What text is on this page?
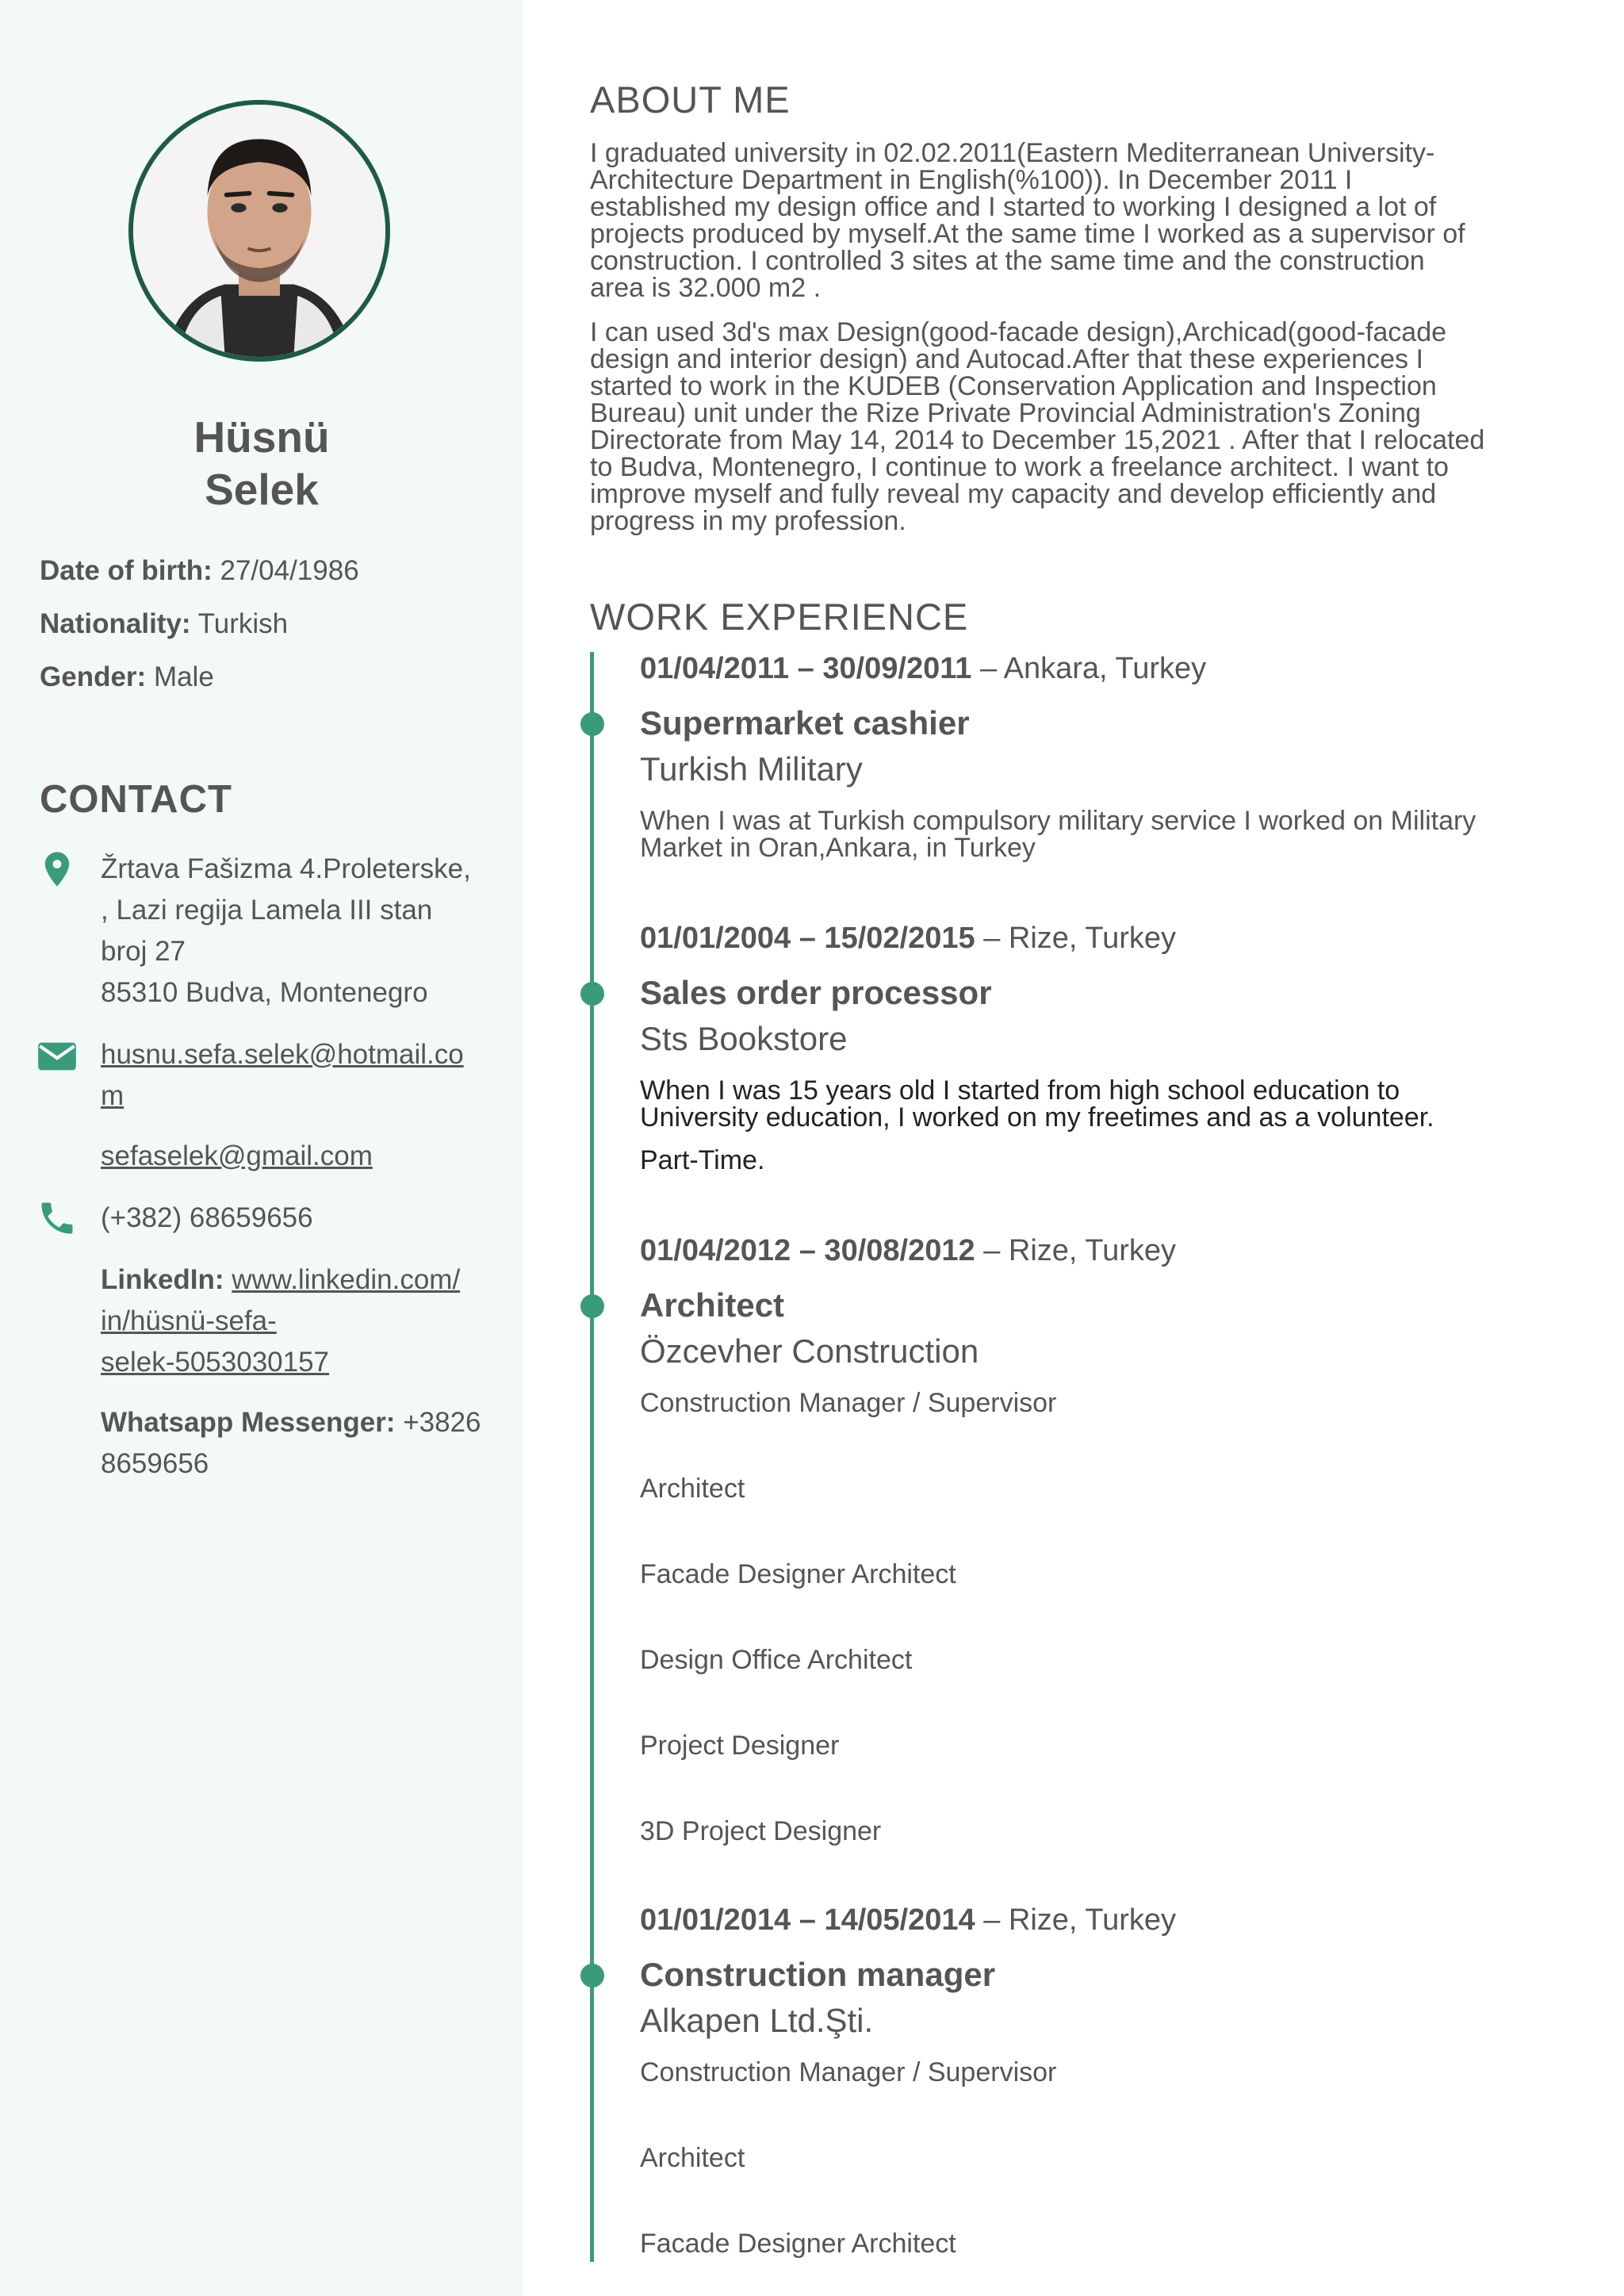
Hüsnü
Selek
Date of birth: 27/04/1986
Nationality: Turkish
Gender: Male
CONTACT
Žrtava Fašizma 4.Proleterske,
, Lazi regija Lamela III stan
broj 27
85310 Budva, Montenegro
husnu.sefa.selek@hotmail.co
m
sefaselek@gmail.com
(+382) 68659656
LinkedIn: www.linkedin.com/
in/hüsnü-sefa-
selek-5053030157
Whatsapp Messenger: +3826
8659656
ABOUT ME
I graduated university in 02.02.2011(Eastern Mediterranean University-
Architecture Department in English(%100)). In December 2011 I
established my design office and I started to working I designed a lot of
projects produced by myself.At the same time I worked as a supervisor of
construction. I controlled 3 sites at the same time and the construction
area is 32.000 m2 .
I can used 3d's max Design(good-facade design),Archicad(good-facade
design and interior design) and Autocad.After that these experiences I
started to work in the KUDEB (Conservation Application and Inspection
Bureau) unit under the Rize Private Provincial Administration's Zoning
Directorate from May 14, 2014 to December 15,2021 . After that I relocated
to Budva, Montenegro, I continue to work a freelance architect. I want to
improve myself and fully reveal my capacity and develop efficiently and
progress in my profession.
WORK EXPERIENCE
01/04/2011 – 30/09/2011 – Ankara, Turkey
Supermarket cashier
Turkish Military
When I was at Turkish compulsory military service I worked on Military
Market in Oran,Ankara, in Turkey
01/01/2004 – 15/02/2015 – Rize, Turkey
Sales order processor
Sts Bookstore
When I was 15 years old I started from high school education to
University education, I worked on my freetimes and as a volunteer.
Part-Time.
01/04/2012 – 30/08/2012 – Rize, Turkey
Architect
Özcevher Construction
Construction Manager / Supervisor
Architect
Facade Designer Architect
Design Office Architect
Project Designer
3D Project Designer
01/01/2014 – 14/05/2014 – Rize, Turkey
Construction manager
Alkapen Ltd.Şti.
Construction Manager / Supervisor
Architect
Facade Designer Architect
